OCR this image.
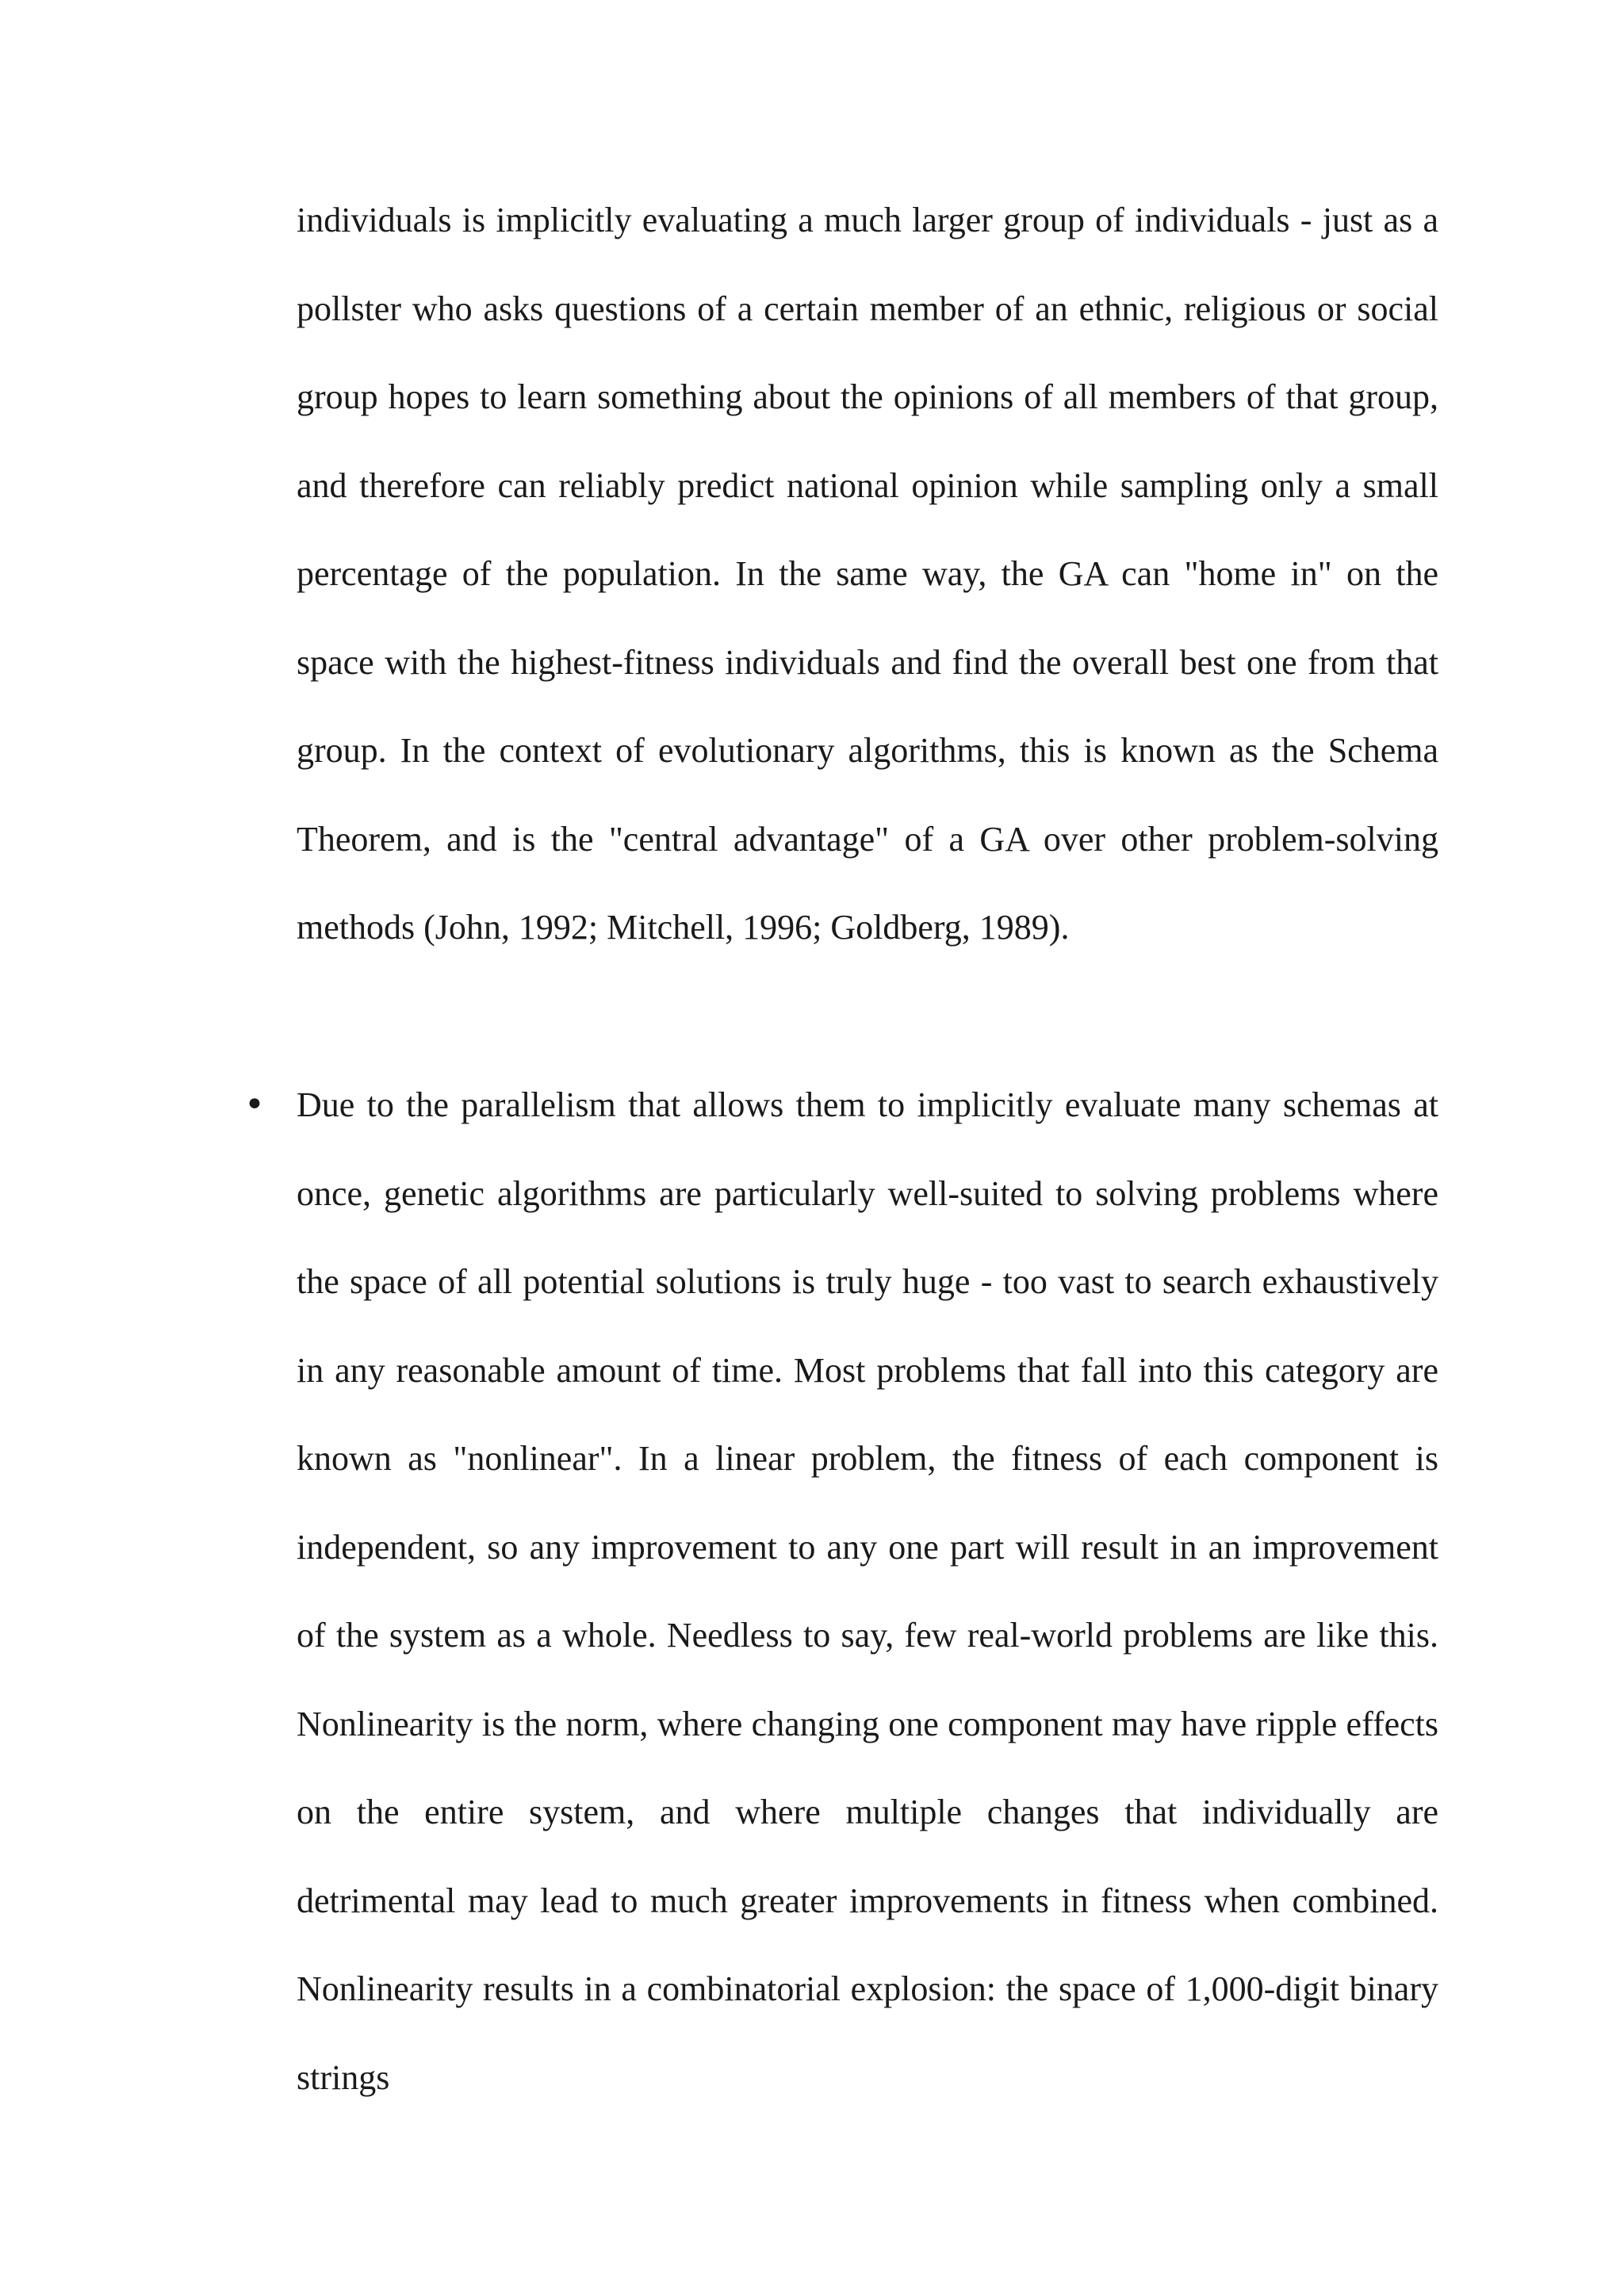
individuals is implicitly evaluating a much larger group of individuals - just as a pollster who asks questions of a certain member of an ethnic, religious or social group hopes to learn something about the opinions of all members of that group, and therefore can reliably predict national opinion while sampling only a small percentage of the population. In the same way, the GA can "home in" on the space with the highest-fitness individuals and find the overall best one from that group. In the context of evolutionary algorithms, this is known as the Schema Theorem, and is the "central advantage" of a GA over other problem-solving methods (John, 1992; Mitchell, 1996; Goldberg, 1989).

• Due to the parallelism that allows them to implicitly evaluate many schemas at once, genetic algorithms are particularly well-suited to solving problems where the space of all potential solutions is truly huge - too vast to search exhaustively in any reasonable amount of time. Most problems that fall into this category are known as "nonlinear". In a linear problem, the fitness of each component is independent, so any improvement to any one part will result in an improvement of the system as a whole. Needless to say, few real-world problems are like this. Nonlinearity is the norm, where changing one component may have ripple effects on the entire system, and where multiple changes that individually are detrimental may lead to much greater improvements in fitness when combined. Nonlinearity results in a combinatorial explosion: the space of 1,000-digit binary strings
